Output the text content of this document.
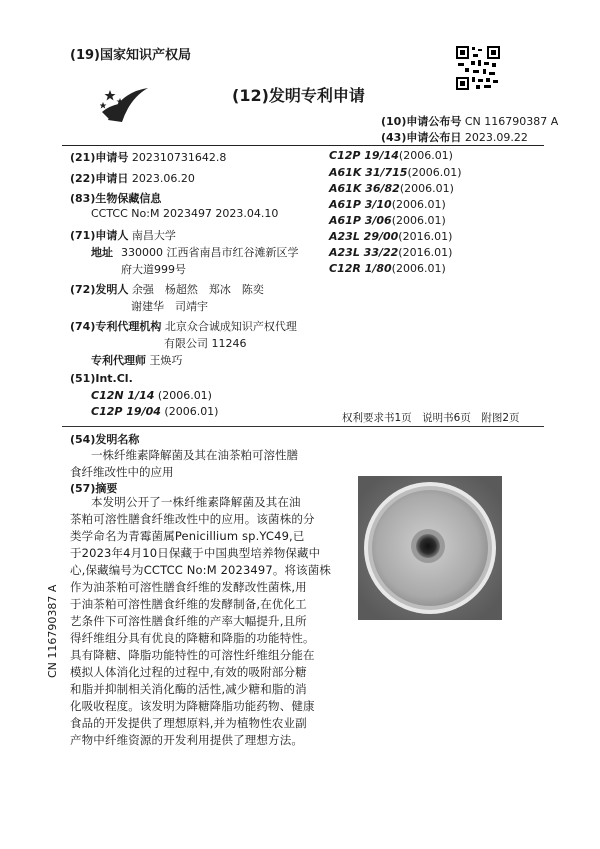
(19)国家知识产权局
(12)发明专利申请
(10)申请公布号 CN 116790387 A
(43)申请公布日 2023.09.22
(21)申请号 202310731642.8
(22)申请日 2023.06.20
(83)生物保藏信息
CCTCC No:M 2023497 2023.04.10
(71)申请人 南昌大学
地址 330000 江西省南昌市红谷滩新区学
府大道999号
(72)发明人 余强　杨超然　郑冰　陈奕
谢建华　司靖宇
(74)专利代理机构 北京众合诚成知识产权代理
有限公司 11246
专利代理师 王焕巧
(51)Int.Cl.
C12N 1/14 (2006.01)
C12P 19/04 (2006.01)
C12P 19/14(2006.01)
A61K 31/715(2006.01)
A61K 36/82(2006.01)
A61P 3/10(2006.01)
A61P 3/06(2006.01)
A23L 29/00(2016.01)
A23L 33/22(2016.01)
C12R 1/80(2006.01)
权利要求书1页　说明书6页　附图2页
(54)发明名称
一株纤维素降解菌及其在油茶粕可溶性膳
食纤维改性中的应用
(57)摘要
本发明公开了一株纤维素降解菌及其在油
茶粕可溶性膳食纤维改性中的应用。该菌株的分
类学命名为青霉菌属Penicillium sp.YC49,已
于2023年4月10日保藏于中国典型培养物保藏中
心,保藏编号为CCTCC No:M 2023497。将该菌株
作为油茶粕可溶性膳食纤维的发酵改性菌株,用
于油茶粕可溶性膳食纤维的发酵制备,在优化工
艺条件下可溶性膳食纤维的产率大幅提升,且所
得纤维组分具有优良的降糖和降脂的功能特性。
具有降糖、降脂功能特性的可溶性纤维组分能在
模拟人体消化过程的过程中,有效的吸附部分糖
和脂并抑制相关消化酶的活性,减少糖和脂的消
化吸收程度。该发明为降糖降脂功能药物、健康
食品的开发提供了理想原料,并为植物性农业副
产物中纤维资源的开发利用提供了理想方法。
CN 116790387 A
